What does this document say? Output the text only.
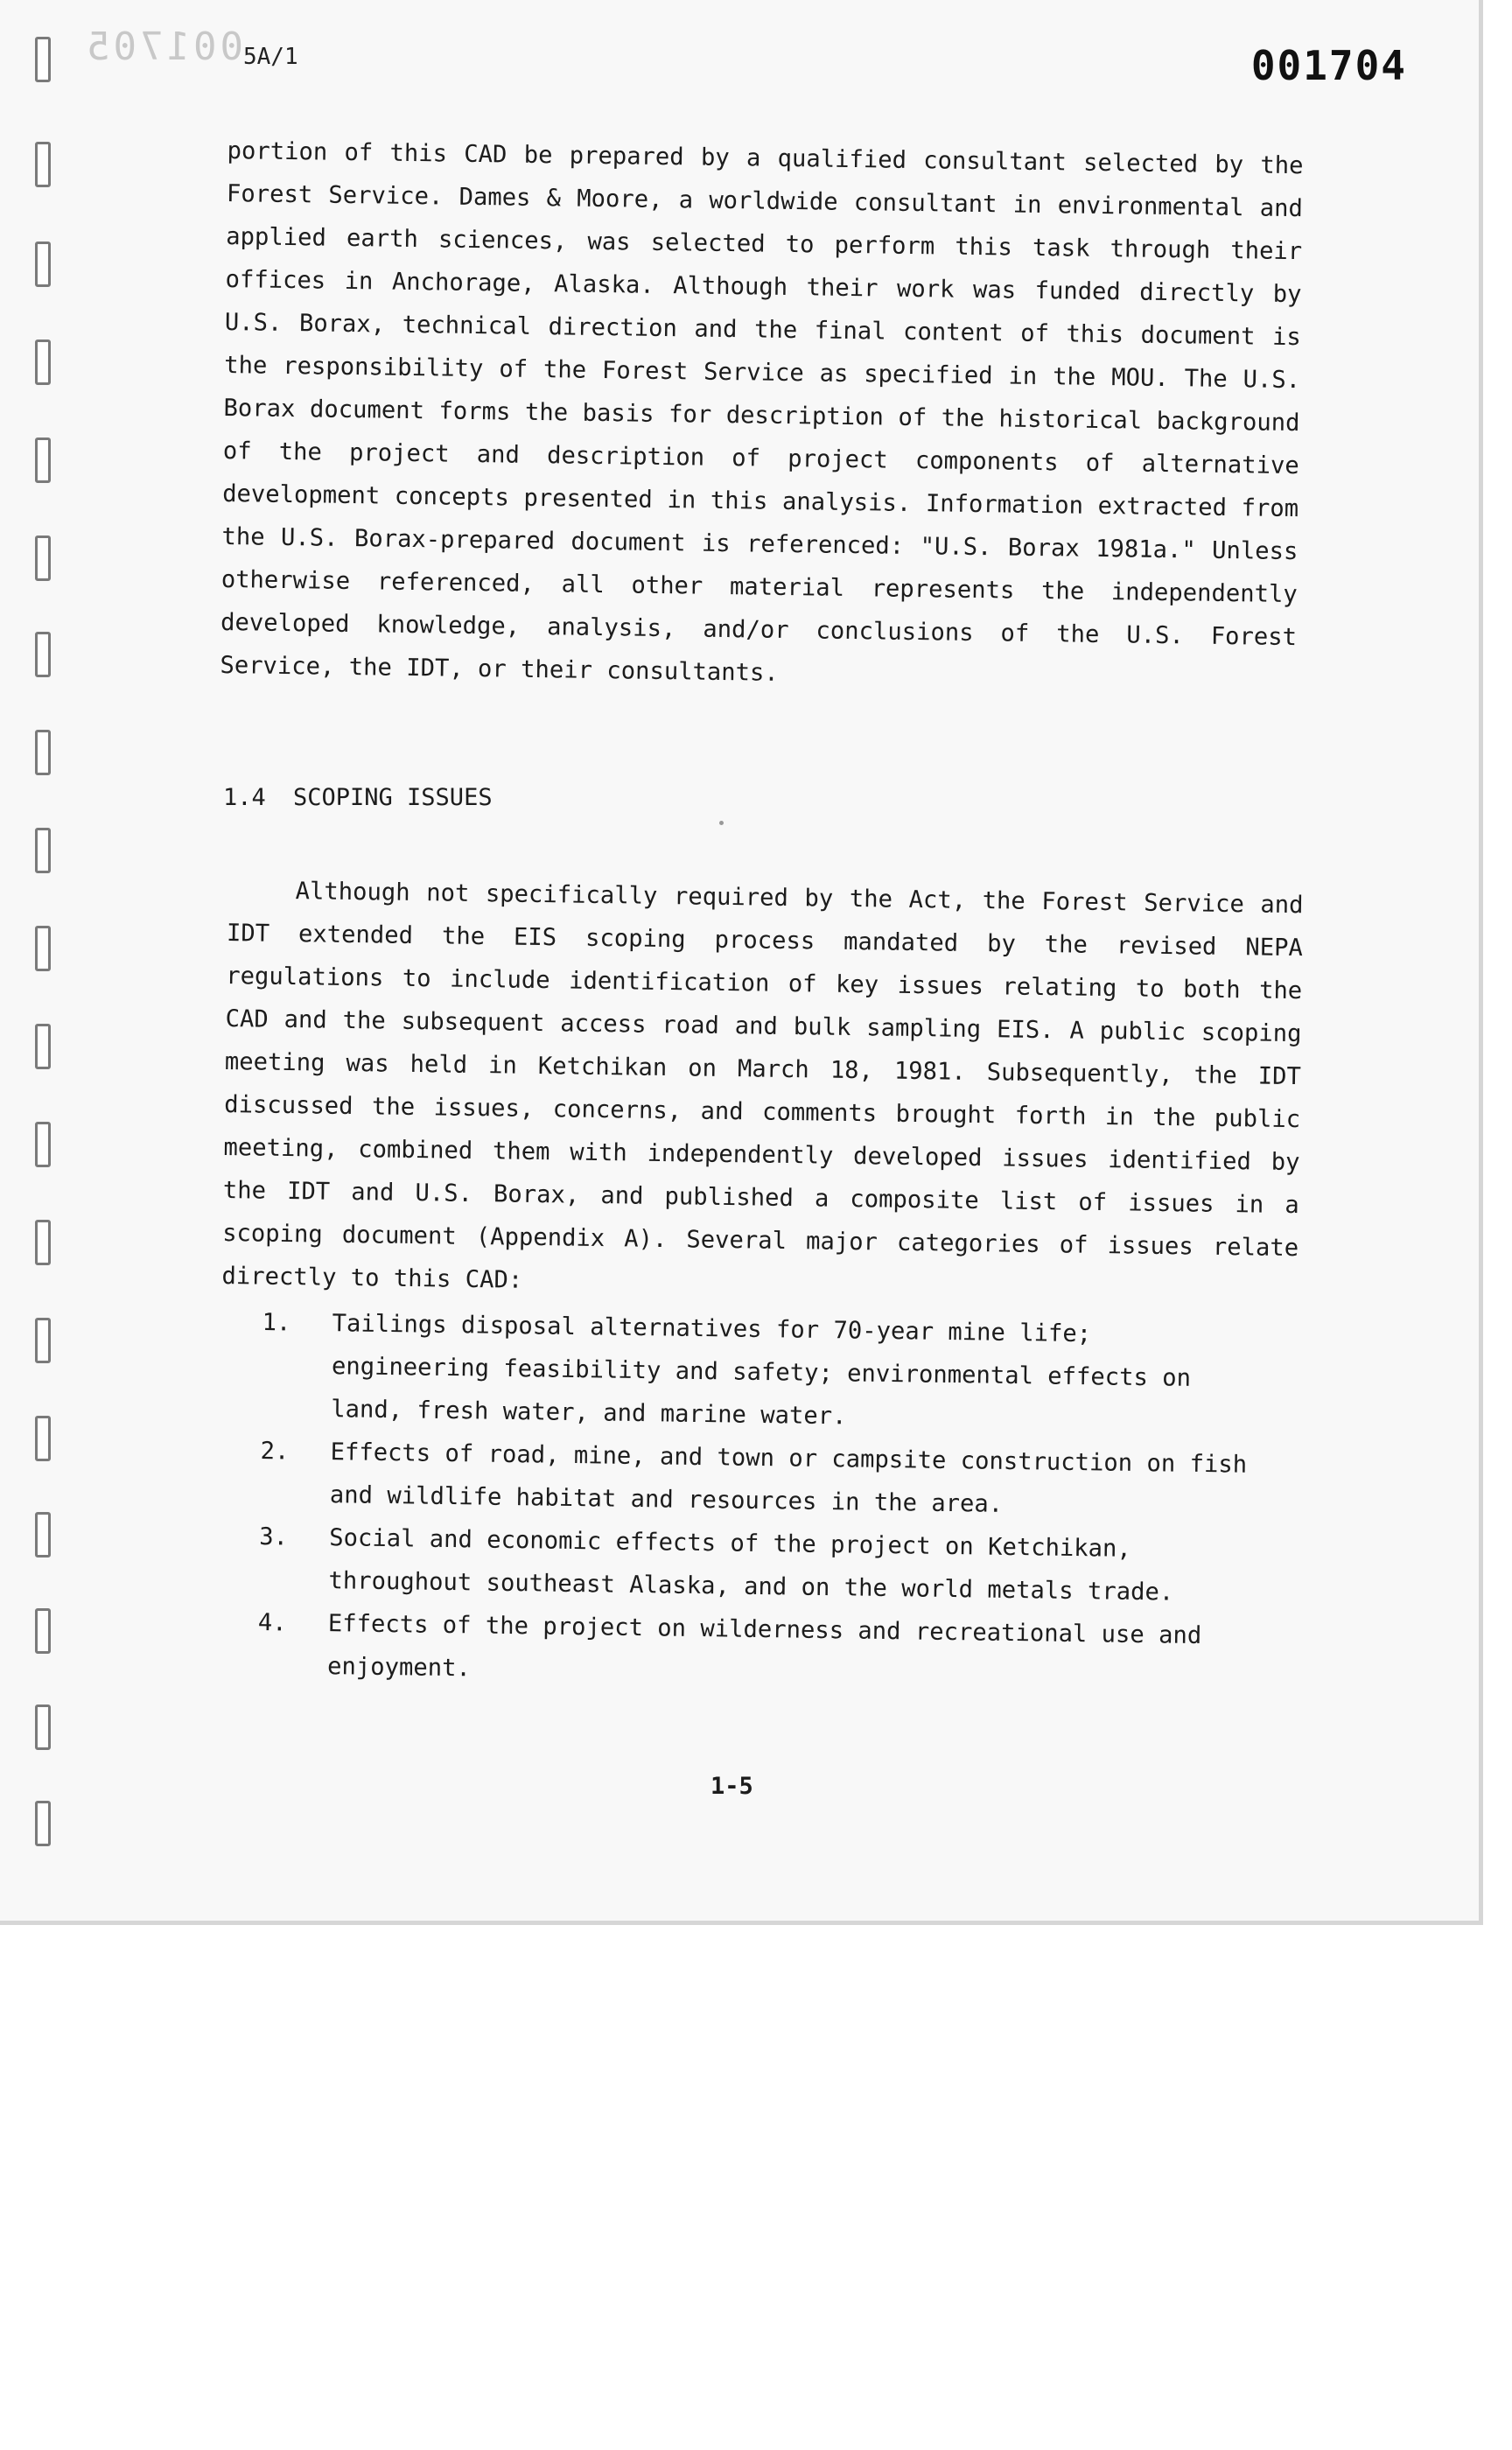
001705 5A/1	001704
portion of this CAD be prepared by a qualified consultant selected by the Forest Service. Dames & Moore, a worldwide consultant in environmental and applied earth sciences, was selected to perform this task through their offices in Anchorage, Alaska. Although their work was funded directly by U.S. Borax, technical direction and the final content of this document is the responsibility of the Forest Service as specified in the MOU. The U.S. Borax document forms the basis for description of the historical background of the project and description of project components of alternative development concepts presented in this analysis. Information extracted from the U.S. Borax-prepared document is referenced: "U.S. Borax 1981a." Unless otherwise referenced, all other material represents the independently developed knowledge, analysis, and/or conclusions of the U.S. Forest Service, the IDT, or their consultants.
1.4 SCOPING ISSUES
Although not specifically required by the Act, the Forest Service and IDT extended the EIS scoping process mandated by the revised NEPA regulations to include identification of key issues relating to both the CAD and the subsequent access road and bulk sampling EIS. A public scoping meeting was held in Ketchikan on March 18, 1981. Subsequently, the IDT discussed the issues, concerns, and comments brought forth in the public meeting, combined them with independently developed issues identified by the IDT and U.S. Borax, and published a composite list of issues in a scoping document (Appendix A). Several major categories of issues relate directly to this CAD:
1. Tailings disposal alternatives for 70-year mine life; engineering feasibility and safety; environmental effects on land, fresh water, and marine water.
2. Effects of road, mine, and town or campsite construction on fish and wildlife habitat and resources in the area.
3. Social and economic effects of the project on Ketchikan, throughout southeast Alaska, and on the world metals trade.
4. Effects of the project on wilderness and recreational use and enjoyment.
1-5
